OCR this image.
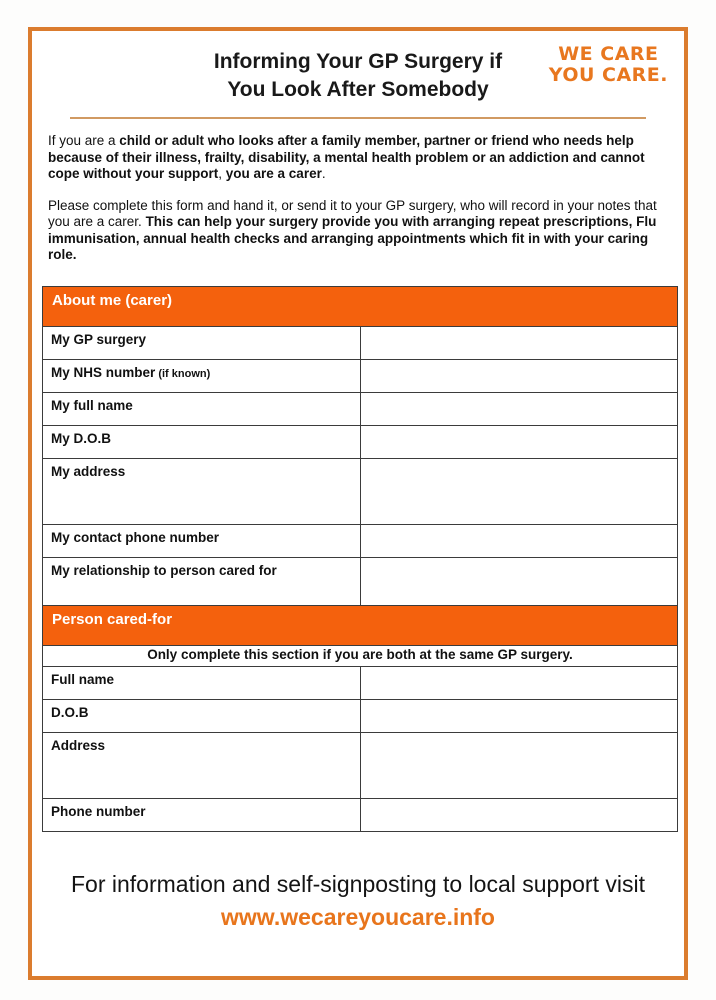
Informing Your GP Surgery if
You Look After Somebody
WE CARE
YOU CARE.

If you are a child or adult who looks after a family member, partner or friend who needs help because of their illness, frailty, disability, a mental health problem or an addiction and cannot cope without your support, you are a carer.

Please complete this form and hand it, or send it to your GP surgery, who will record in your notes that you are a carer. This can help your surgery provide you with arranging repeat prescriptions, Flu immunisation, annual health checks and arranging appointments which fit in with your caring role.

About me (carer)	
My GP surgery	
My NHS number (if known)	
My full name	
My D.O.B	
My address	
My contact phone number	
My relationship to person cared for	
Person cared-for	
Only complete this section if you are both at the same GP surgery.	
Full name	
D.O.B	
Address	
Phone number	
For information and self-signposting to local support visit
www.wecareyoucare.info
